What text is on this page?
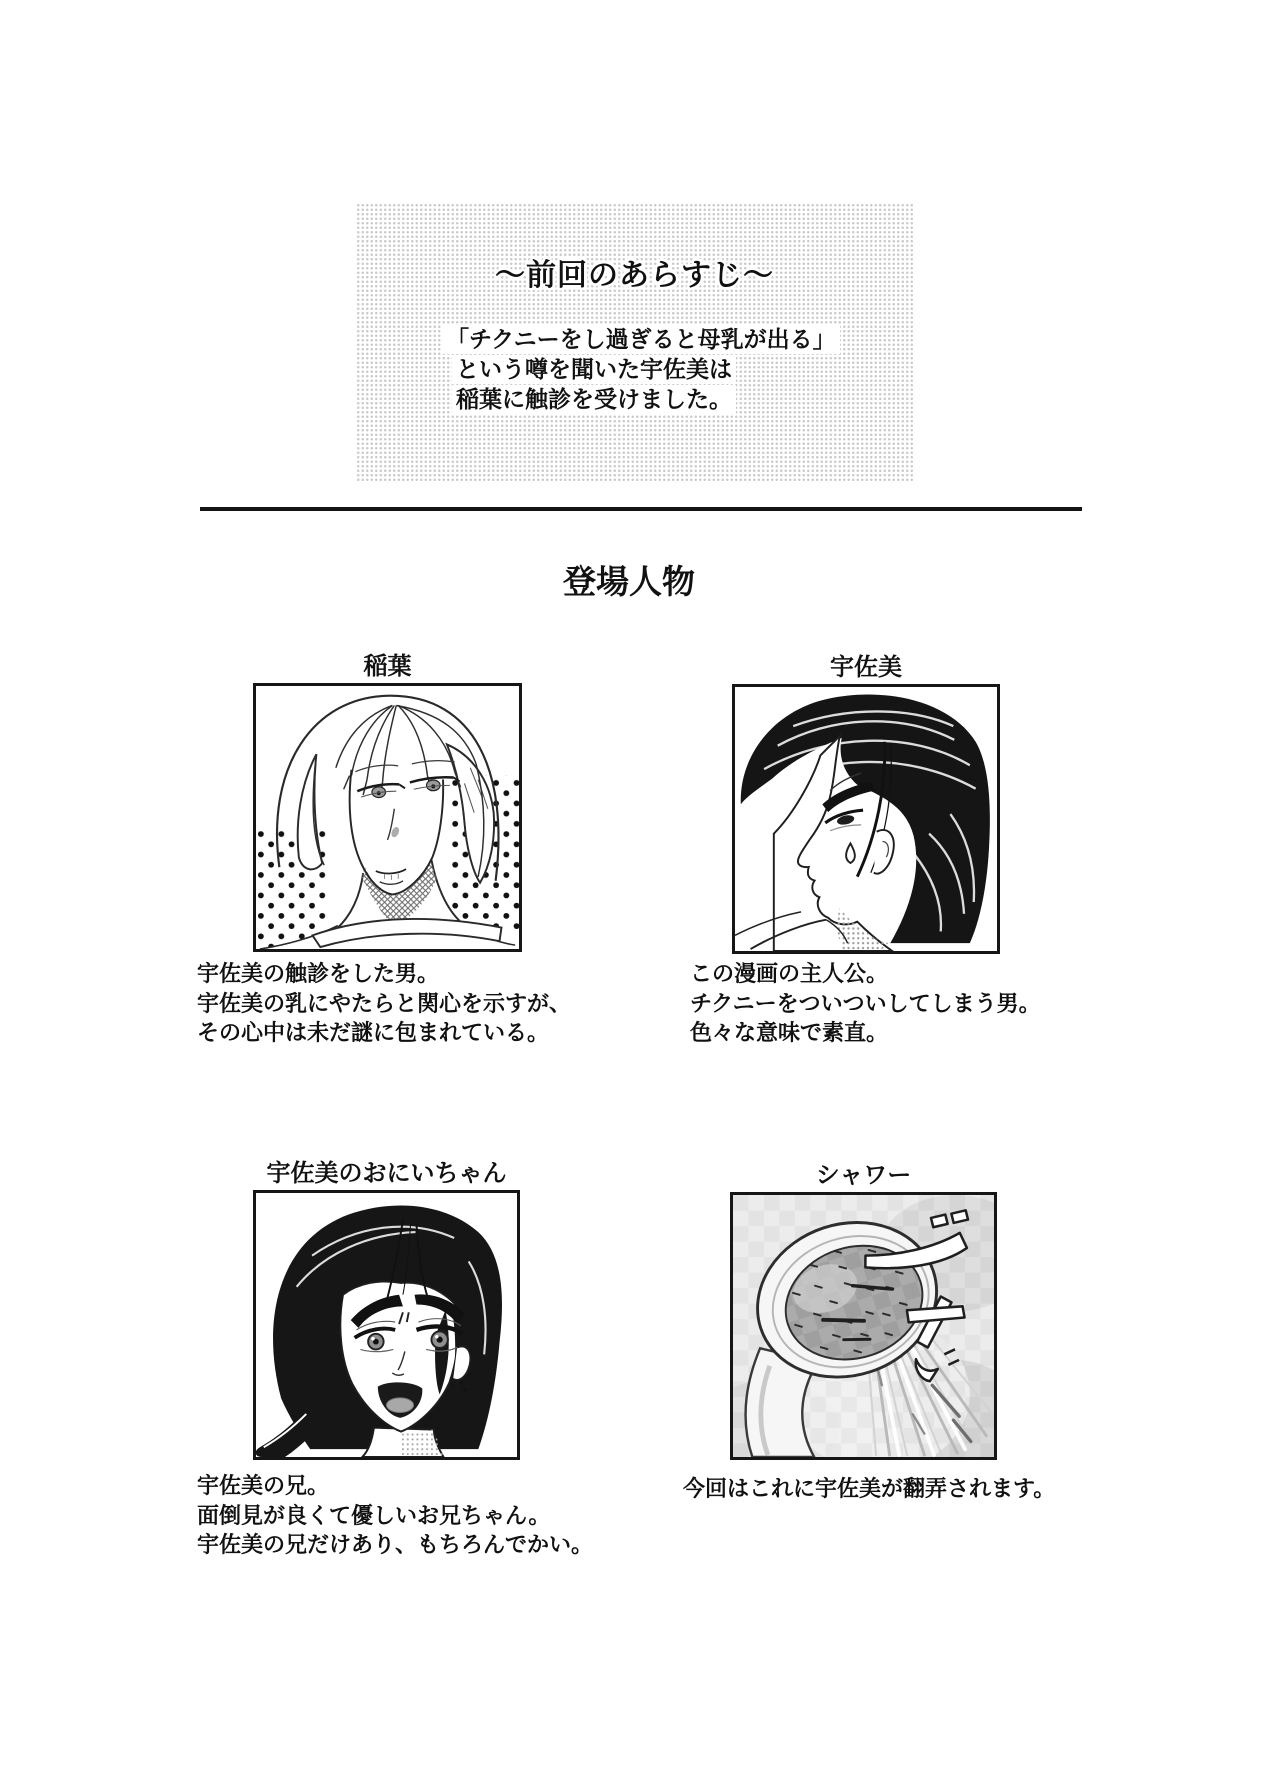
〜前回のあらすじ〜
「チクニーをし過ぎると母乳が出る」
という噂を聞いた宇佐美は
稲葉に触診を受けました。
登場人物
稲葉	宇佐美
宇佐美のおにいちゃん	シャワー
宇佐美の触診をした男。
宇佐美の乳にやたらと関心を示すが、
その心中は未だ謎に包まれている。
この漫画の主人公。
チクニーをついついしてしまう男。
色々な意味で素直。
宇佐美の兄。
面倒見が良くて優しいお兄ちゃん。
宇佐美の兄だけあり、もちろんでかい。
今回はこれに宇佐美が翻弄されます。
